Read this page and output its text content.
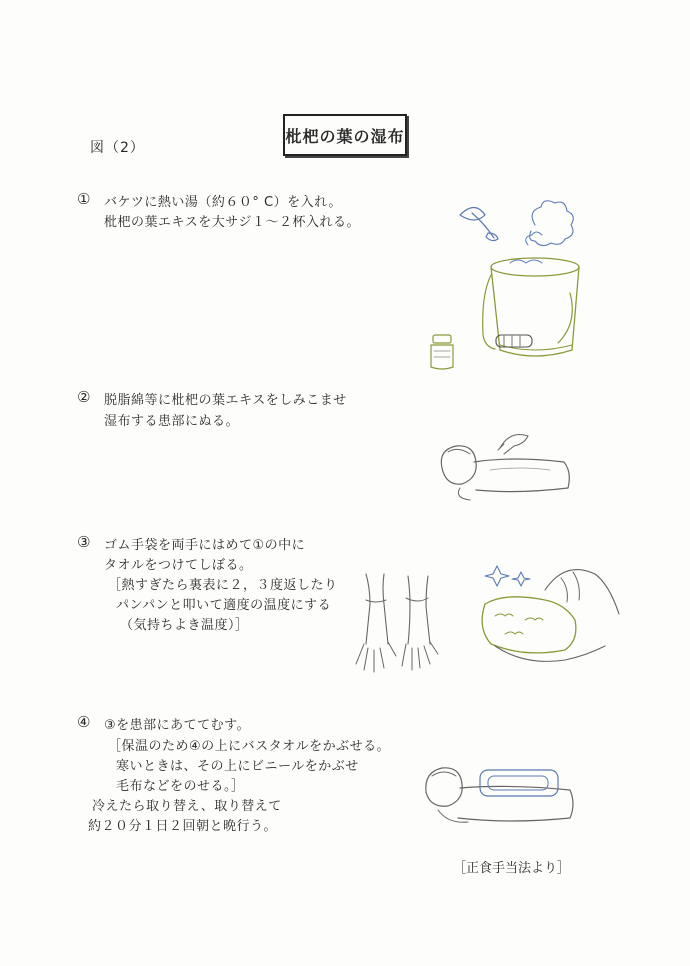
図（2）
枇杷の葉の湿布
① バケツに熱い湯（約６０° C）を入れ。
枇杷の葉エキスを大サジ１～２杯入れる。
② 脱脂綿等に枇杷の葉エキスをしみこませ
湿布する患部にぬる。
③ ゴム手袋を両手にはめて①の中に
タオルをつけてしぼる。
［熱すぎたら裏表に２，３度返したり
パンパンと叩いて適度の温度にする
（気持ちよき温度）］
④ ③を患部にあててむす。
［保温のため④の上にバスタオルをかぶせる。
寒いときは、その上にビニールをかぶせ
毛布などをのせる。］
冷えたら取り替え、取り替えて
約２０分１日２回朝と晩行う。
［正食手当法より］
④
